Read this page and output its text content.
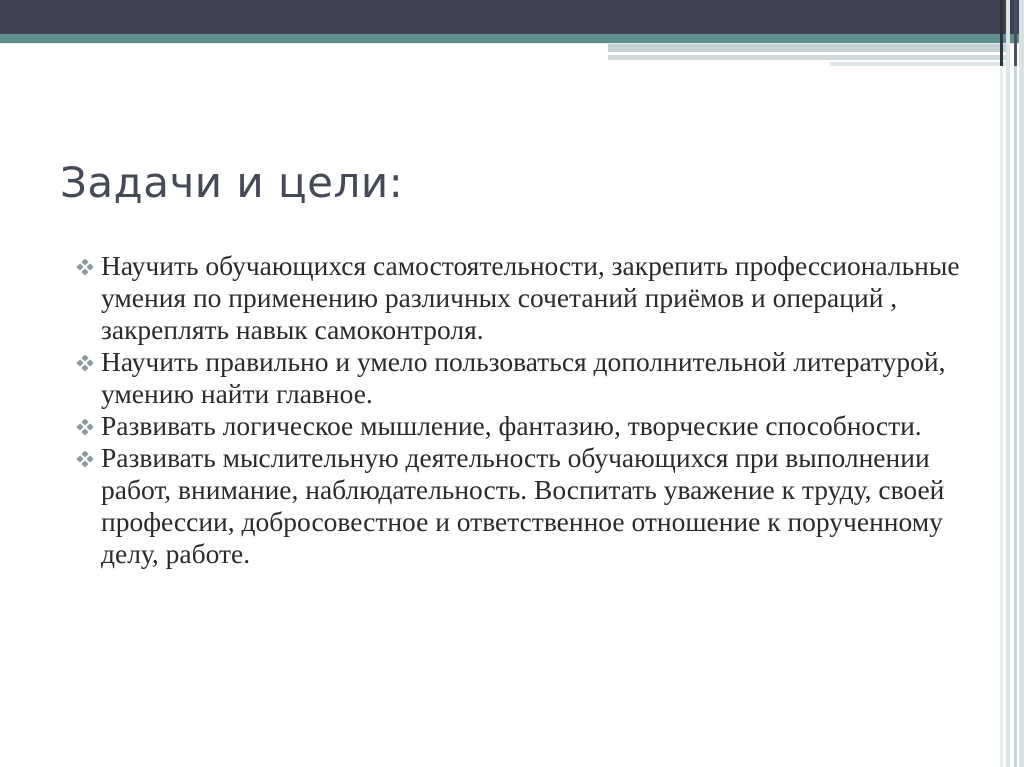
Задачи и цели:
Научить обучающихся самостоятельности, закрепить профессиональные умения по применению различных сочетаний приёмов и операций , закреплять навык самоконтроля.
Научить правильно и умело пользоваться дополнительной литературой, умению найти главное.
Развивать логическое мышление, фантазию, творческие способности.
Развивать мыслительную деятельность обучающихся при выполнении работ, внимание, наблюдательность. Воспитать уважение к труду, своей профессии, добросовестное и ответственное отношение к порученному делу, работе.
